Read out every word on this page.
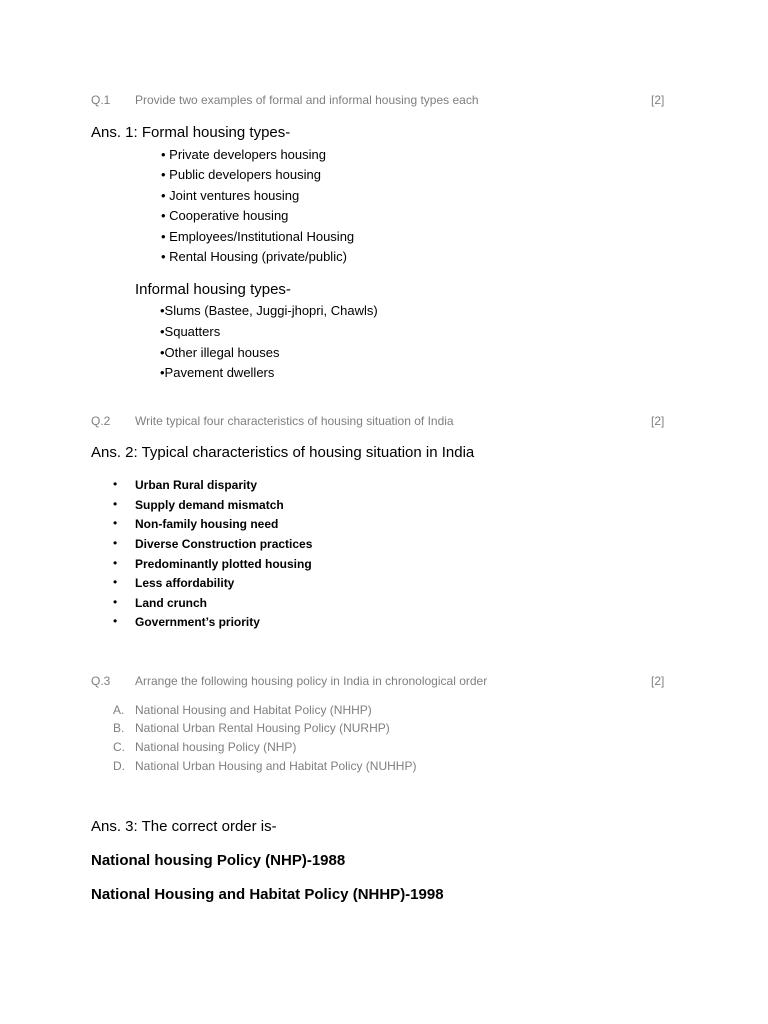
Q.1 Provide two examples of formal and informal housing types each	[2]
Ans. 1: Formal housing types-
• Private developers housing
• Public developers housing
• Joint ventures housing
• Cooperative housing
• Employees/Institutional Housing
• Rental Housing (private/public)
Informal housing types-
•Slums (Bastee, Juggi-jhopri, Chawls)
•Squatters
•Other illegal houses
•Pavement dwellers
Q.2 Write typical four characteristics of housing situation of India	[2]
Ans. 2: Typical characteristics of housing situation in India
• Urban Rural disparity
• Supply demand mismatch
• Non-family housing need
• Diverse Construction practices
• Predominantly plotted housing
• Less affordability
• Land crunch
• Government’s priority
Q.3 Arrange the following housing policy in India in chronological order	[2]
A. National Housing and Habitat Policy (NHHP)
B. National Urban Rental Housing Policy (NURHP)
C. National housing Policy (NHP)
D. National Urban Housing and Habitat Policy (NUHHP)
Ans. 3: The correct order is-
National housing Policy (NHP)-1988
National Housing and Habitat Policy (NHHP)-1998
